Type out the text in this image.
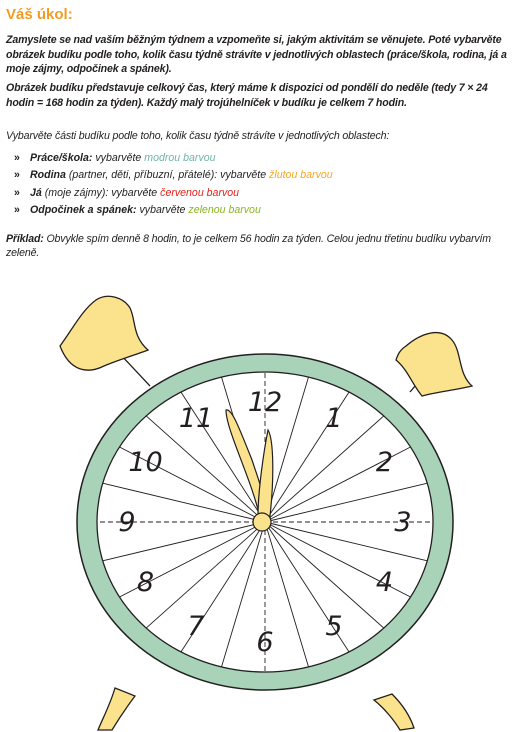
Váš úkol:
Zamyslete se nad vaším běžným týdnem a vzpomeňte si, jakým aktivitám se věnujete. Poté vybarvěte obrázek budíku podle toho, kolik času týdně strávíte v jednotlivých oblastech (práce/škola, rodina, já a moje zájmy, odpočinek a spánek).
Obrázek budíku představuje celkový čas, který máme k dispozici od pondělí do neděle (tedy 7 × 24 hodin = 168 hodin za týden). Každý malý trojúhelníček v budíku je celkem 7 hodin.
Vybarvěte části budíku podle toho, kolik času týdně strávíte v jednotlivých oblastech:
» Práce/škola: vybarvěte modrou barvou
» Rodina (partner, děti, příbuzní, přátelé): vybarvěte žlutou barvou
» Já (moje zájmy): vybarvěte červenou barvou
» Odpočinek a spánek: vybarvěte zelenou barvou
Příklad: Obvykle spím denně 8 hodin, to je celkem 56 hodin za týden. Celou jednu třetinu budíku vybarvím zeleně.
12
1
2
3
4
5
6
7
8
9
10
11
